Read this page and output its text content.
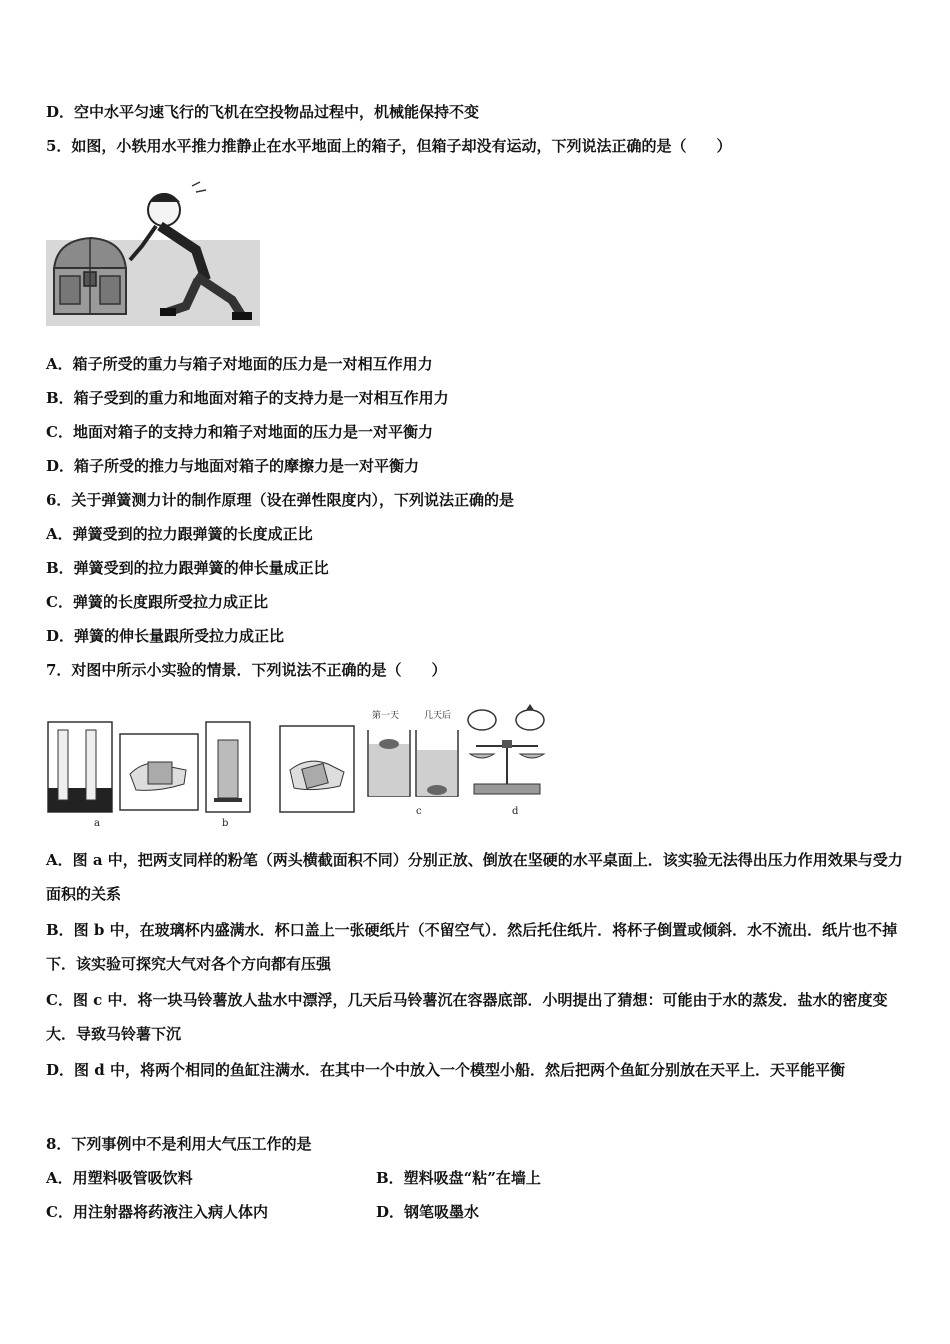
D．空中水平匀速飞行的飞机在空投物品过程中，机械能保持不变
5．如图，小轶用水平推力推静止在水平地面上的箱子，但箱子却没有运动，下列说法正确的是（　　）
A．箱子所受的重力与箱子对地面的压力是一对相互作用力
B．箱子受到的重力和地面对箱子的支持力是一对相互作用力
C．地面对箱子的支持力和箱子对地面的压力是一对平衡力
D．箱子所受的推力与地面对箱子的摩擦力是一对平衡力
6．关于弹簧测力计的制作原理（设在弹性限度内），下列说法正确的是
A．弹簧受到的拉力跟弹簧的长度成正比
B．弹簧受到的拉力跟弹簧的伸长量成正比
C．弹簧的长度跟所受拉力成正比
D．弹簧的伸长量跟所受拉力成正比
7．对图中所示小实验的情景．下列说法不正确的是（　　）
第一天	几天后
a	b
c	d
A．图 a 中，把两支同样的粉笔（两头横截面积不同）分别正放、倒放在坚硬的水平桌面上．该实验无法得出压力作用效果与受力面积的关系
B．图 b 中，在玻璃杯内盛满水．杯口盖上一张硬纸片（不留空气）．然后托住纸片．将杯子倒置或倾斜．水不流出．纸片也不掉下．该实验可探究大气对各个方向都有压强
C．图 c 中．将一块马铃薯放人盐水中漂浮，几天后马铃薯沉在容器底部．小明提出了猜想：可能由于水的蒸发．盐水的密度变大．导致马铃薯下沉
D．图 d 中，将两个相同的鱼缸注满水．在其中一个中放入一个模型小船．然后把两个鱼缸分别放在天平上．天平能平衡
8．下列事例中不是利用大气压工作的是
A．用塑料吸管吸饮料	B．塑料吸盘“粘”在墙上
C．用注射器将药液注入病人体内	D．钢笔吸墨水
